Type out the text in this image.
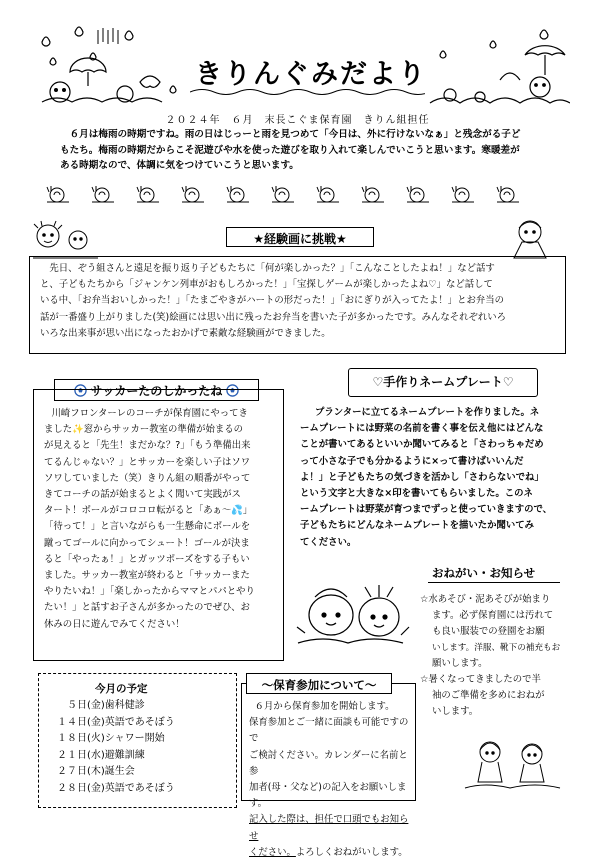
きりんぐみだより
２０２４年　６月　末長こぐま保育園　きりん組担任

６月は梅雨の時期ですね。雨の日はじっーと雨を見つめて「今日は、外に行けないなぁ」と残念がる子ど

もたち。梅雨の時期だからこそ泥遊びや水を使った遊びを取り入れて楽しんでいこうと思います。寒暖差が
ある時期なので、体調に気をつけていこうと思います。
★経験画に挑戦★
先日、ぞう組さんと遠足を振り返り子どもたちに「何が楽しかった？」「こんなことしたよね！」など話す
と、子どもたちから「ジャンケン列車がおもしろかった！」「宝探しゲームが楽しかったよね♡」など話して
いる中、「お弁当おいしかった！」「たまごやきがハートの形だった！」「おにぎりが入ってたよ！」とお弁当の
話が一番盛り上がりました(笑)絵画には思い出に残ったお弁当を書いた子が多かったです。みんなそれぞれいろ
いろな出来事が思い出になったおかげで素敵な経験画ができました。
サッカーたのしかったね
川崎フロンターレのコーチが保育園にやってき
ました✨窓からサッカー教室の準備が始まるの
が見えると「先生！まだかな？?」「もう準備出来
てるんじゃない？」とサッカーを楽しい子はソワ
ソワしていました（笑）きりん組の順番がやって
きてコーチの話が始まるとよく聞いて実践がス
タート！ボールがコロコロ転がると「あぁ～💦」
「待って！」と言いながらも一生懸命にボールを
蹴ってゴールに向かってシュート！ゴールが決ま
ると「やったぁ！」とガッツポーズをする子もい
ました。サッカー教室が終わると「サッカーまた
やりたいね！」「楽しかったからママとパパとやり
たい！」と話すお子さんが多かったのでぜひ、お
休みの日に遊んでみてください！
♡手作りネームプレート♡
プランターに立てるネームプレートを作りました。ネ
ームプレートには野菜の名前を書く事を伝え他にはどんな
ことが書いてあるといいか聞いてみると「さわっちゃだめ
って小さな子でも分かるように×って書けばいいんだ
よ！」と子どもたちの気づきを活かし「さわらないでね」
という文字と大きな×印を書いてもらいました。このネ
ームプレートは野菜が育つまでずっと使っていきますので、
子どもたちにどんなネームプレートを描いたか聞いてみ
てください。
おねがい・お知らせ
☆水あそび・泥あそびが始まり
ます。必ず保育園には汚れて
も良い服装での登園をお願
いします。洋服、靴下の補充もお
願いします。
☆暑くなってきましたので半
袖のご準備を多めにおねが
いします。
今月の予定
５日(金)歯科健診
１４日(金)英語であそぼう
１８日(火)シャワー開始
２１日(水)避難訓練
２７日(木)誕生会
２８日(金)英語であそぼう
６月から保育参加を開始します。
保育参加とご一緒に面談も可能ですので
ご検討ください。カレンダーに名前と参
加者(母・父など)の記入をお願いします。
記入した際は、担任で口頭でもお知らせ
ください。よろしくおねがいします。
～保育参加について～
